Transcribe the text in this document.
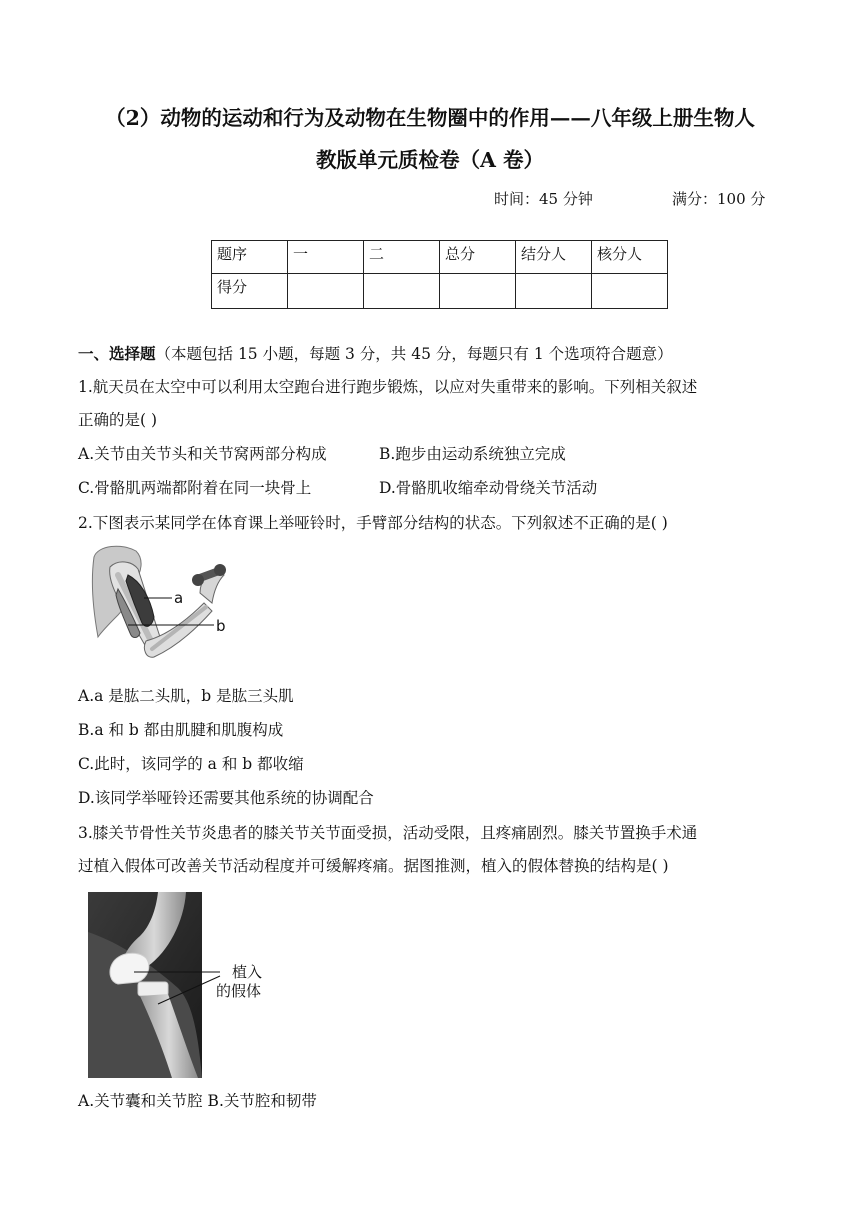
（2）动物的运动和行为及动物在生物圈中的作用——八年级上册生物人

教版单元质检卷（A 卷）

时间：45 分钟	满分：100 分
题序	一	二	总分	结分人	核分人
得分					
一、选择题（本题包括 15 小题，每题 3 分，共 45 分，每题只有 1 个选项符合题意）
1.航天员在太空中可以利用太空跑台进行跑步锻炼，以应对失重带来的影响。下列相关叙述
正确的是( )
A.关节由关节头和关节窝两部分构成	B.跑步由运动系统独立完成
C.骨骼肌两端都附着在同一块骨上	D.骨骼肌收缩牵动骨绕关节活动
2.下图表示某同学在体育课上举哑铃时，手臂部分结构的状态。下列叙述不正确的是( )
a
b
A.a 是肱二头肌，b 是肱三头肌
B.a 和 b 都由肌腱和肌腹构成
C.此时，该同学的 a 和 b 都收缩
D.该同学举哑铃还需要其他系统的协调配合
3.膝关节骨性关节炎患者的膝关节关节面受损，活动受限，且疼痛剧烈。膝关节置换手术通
过植入假体可改善关节活动程度并可缓解疼痛。据图推测，植入的假体替换的结构是( )
植入
的假体
A.关节囊和关节腔 B.关节腔和韧带
